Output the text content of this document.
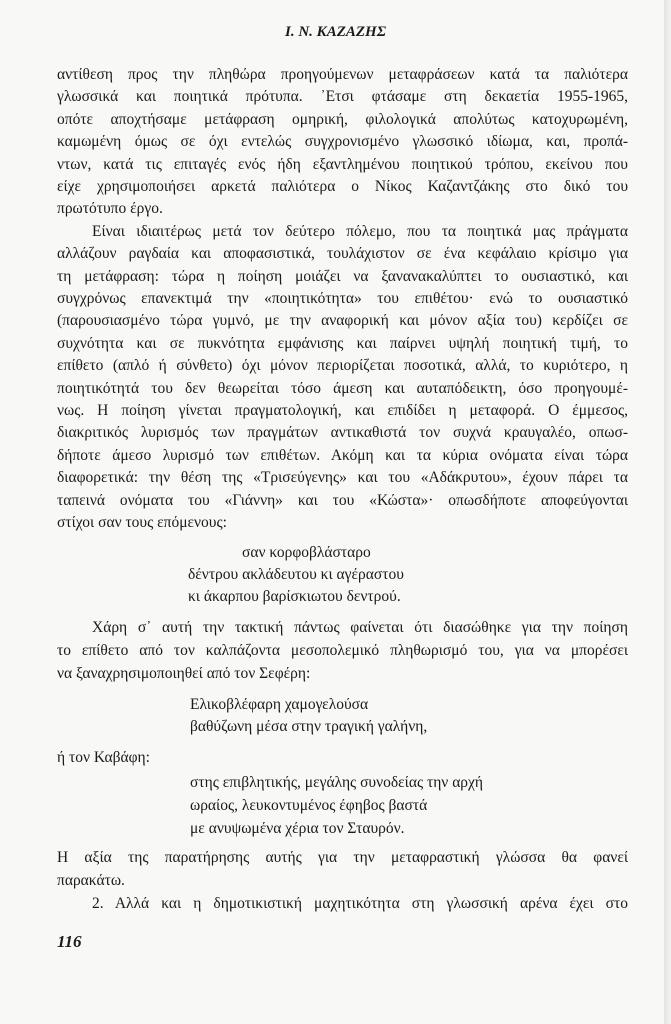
I. N. ΚΑΖΑΖΗΣ
αντίθεση προς την πληθώρα προηγούμενων μεταφράσεων κατά τα παλιότερα
γλωσσικά και ποιητικά πρότυπα. ᾽Ετσι φτάσαμε στη δεκαετία 1955-1965,
οπότε αποχτήσαμε μετάφραση ομηρική, φιλολογικά απολύτως κατοχυρωμένη,
καμωμένη όμως σε όχι εντελώς συγχρονισμένο γλωσσικό ιδίωμα, και, προπά-
ντων, κατά τις επιταγές ενός ήδη εξαντλημένου ποιητικού τρόπου, εκείνου που
είχε χρησιμοποιήσει αρκετά παλιότερα ο Νίκος Καζαντζάκης στο δικό του
πρωτότυπο έργο.
Είναι ιδιαιτέρως μετά τον δεύτερο πόλεμο, που τα ποιητικά μας πράγματα
αλλάζουν ραγδαία και αποφασιστικά, τουλάχιστον σε ένα κεφάλαιο κρίσιμο για
τη μετάφραση: τώρα η ποίηση μοιάζει να ξανανακαλύπτει το ουσιαστικό, και
συγχρόνως επανεκτιμά την «ποιητικότητα» του επιθέτου· ενώ το ουσιαστικό
(παρουσιασμένο τώρα γυμνό, με την αναφορική και μόνον αξία του) κερδίζει σε
συχνότητα και σε πυκνότητα εμφάνισης και παίρνει υψηλή ποιητική τιμή, το
επίθετο (απλό ή σύνθετο) όχι μόνον περιορίζεται ποσοτικά, αλλά, το κυριότερο, η
ποιητικότητά του δεν θεωρείται τόσο άμεση και αυταπόδεικτη, όσο προηγουμέ-
νως. Η ποίηση γίνεται πραγματολογική, και επιδίδει η μεταφορά. Ο έμμεσος,
διακριτικός λυρισμός των πραγμάτων αντικαθιστά τον συχνά κραυγαλέο, οπωσ-
δήποτε άμεσο λυρισμό των επιθέτων. Ακόμη και τα κύρια ονόματα είναι τώρα
διαφορετικά: την θέση της «Τρισεύγενης» και του «Αδάκρυτου», έχουν πάρει τα
ταπεινά ονόματα του «Γιάννη» και του «Κώστα»· οπωσδήποτε αποφεύγονται
στίχοι σαν τους επόμενους:
σαν κορφοβλάσταρο
δέντρου ακλάδευτου κι αγέραστου
κι άκαρπου βαρίσκιωτου δεντρού.
Χάρη σ᾽ αυτή την τακτική πάντως φαίνεται ότι διασώθηκε για την ποίηση
το επίθετο από τον καλπάζοντα μεσοπολεμικό πληθωρισμό του, για να μπορέσει
να ξαναχρησιμοποιηθεί από τον Σεφέρη:
Ελικοβλέφαρη χαμογελούσα
βαθύζωνη μέσα στην τραγική γαλήνη,
ή τον Καβάφη:
στης επιβλητικής, μεγάλης συνοδείας την αρχή
ωραίος, λευκοντυμένος έφηβος βαστά
με ανυψωμένα χέρια τον Σταυρόν.
Η αξία της παρατήρησης αυτής για την μεταφραστική γλώσσα θα φανεί
παρακάτω.
2. Αλλά και η δημοτικιστική μαχητικότητα στη γλωσσική αρένα έχει στο
116
